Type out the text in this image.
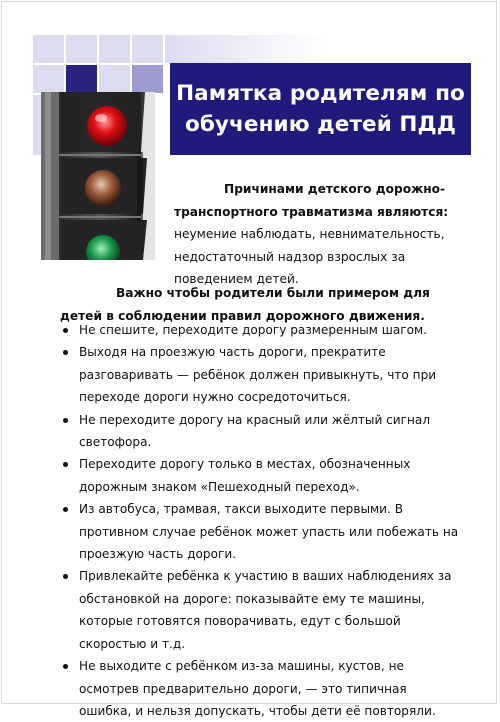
Памятка родителям по
обучению детей ПДД
Причинами детского дорожно-
транспортного травматизма являются:
неумение наблюдать, невнимательность, недостаточный надзор взрослых за поведением детей.
Важно чтобы родители были примером для детей в соблюдении правил дорожного движения.
Не спешите, переходите дорогу размеренным шагом.
Выходя на проезжую часть дороги, прекратите разговаривать — ребёнок должен привыкнуть, что при переходе дороги нужно сосредоточиться.
Не переходите дорогу на красный или жёлтый сигнал светофора.
Переходите дорогу только в местах, обозначенных дорожным знаком «Пешеходный переход».
Из автобуса, трамвая, такси выходите первыми. В противном случае ребёнок может упасть или побежать на проезжую часть дороги.
Привлекайте ребёнка к участию в ваших наблюдениях за обстановкой на дороге: показывайте ему те машины, которые готовятся поворачивать, едут с большой скоростью и т.д.
Не выходите с ребёнком из-за машины, кустов, не осмотрев предварительно дороги, — это типичная ошибка, и нельзя допускать, чтобы дети её повторяли.
